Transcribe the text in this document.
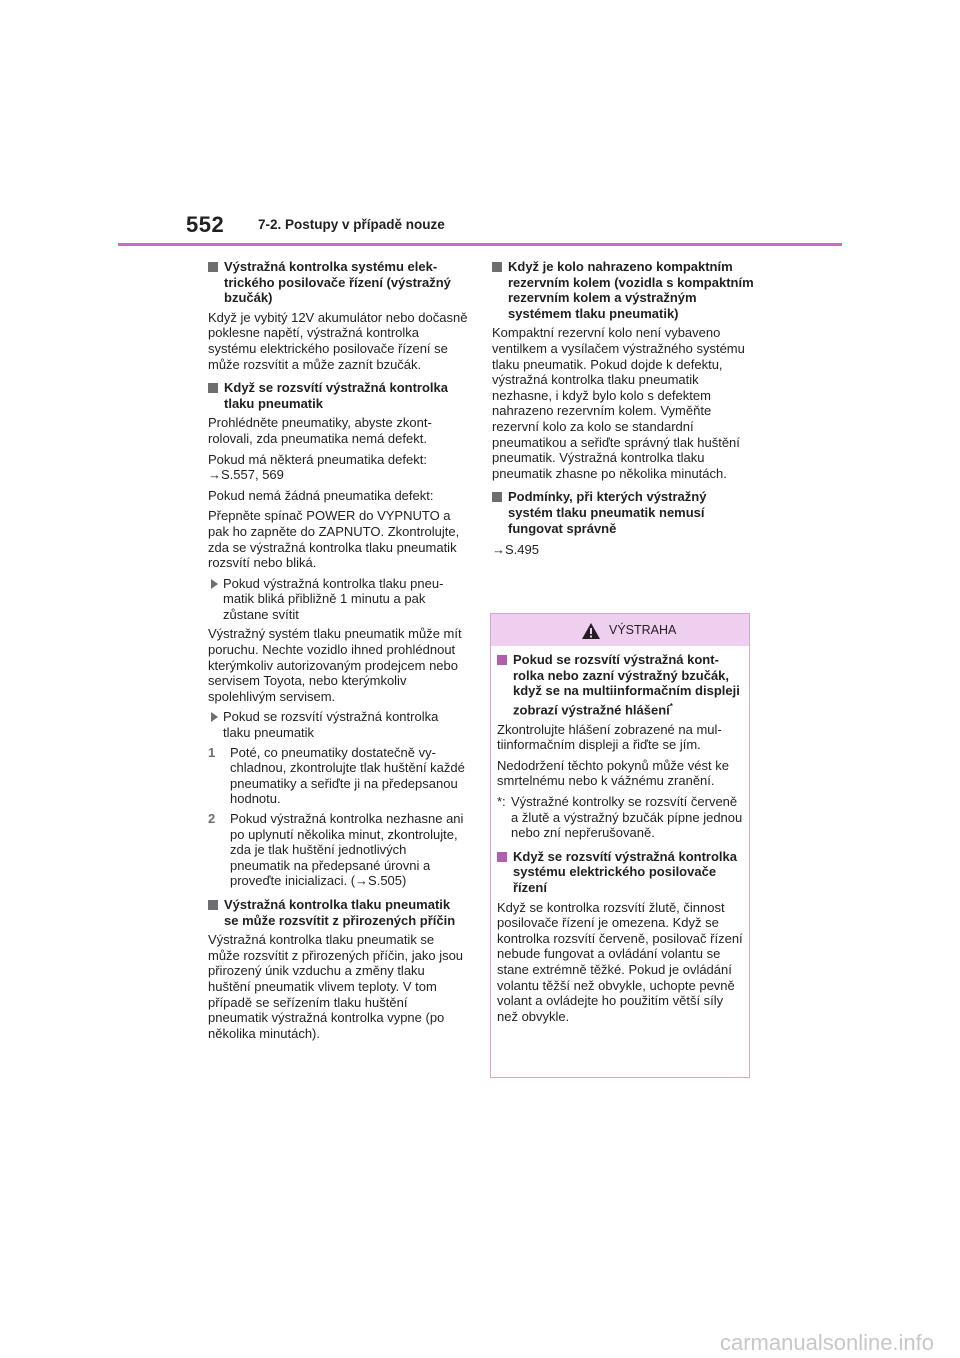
552	7-2. Postupy v případě nouze
Výstražná kontrolka systému elektrického posilovače řízení (výstražný bzučák)
Když je vybitý 12V akumulátor nebo dočasně poklesne napětí, výstražná kontrolka systému elektrického posilovače řízení se může rozsvítit a může zaznít bzučák.
Když se rozsvítí výstražná kontrolka tlaku pneumatik
Prohlédněte pneumatiky, abyste zkontrolovali, zda pneumatika nemá defekt.
Pokud má některá pneumatika defekt:
→S.557, 569
Pokud nemá žádná pneumatika defekt:
Přepněte spínač POWER do VYPNUTO a pak ho zapněte do ZAPNUTO. Zkontrolujte, zda se výstražná kontrolka tlaku pneumatik rozsvítí nebo bliká.
Pokud výstražná kontrolka tlaku pneumatik bliká přibližně 1 minutu a pak zůstane svítit
Výstražný systém tlaku pneumatik může mít poruchu. Nechte vozidlo ihned prohlédnout kterýmkoliv autorizovaným prodejcem nebo servisem Toyota, nebo kterýmkoliv spolehlivým servisem.
Pokud se rozsvítí výstražná kontrolka tlaku pneumatik
1 Poté, co pneumatiky dostatečně vychladnou, zkontrolujte tlak huštění každé pneumatiky a seřiďte ji na předepsanou hodnotu.
2 Pokud výstražná kontrolka nezhasne ani po uplynutí několika minut, zkontrolujte, zda je tlak huštění jednotlivých pneumatik na předepsané úrovni a proveďte inicializaci. (→S.505)
Výstražná kontrolka tlaku pneumatik se může rozsvítit z přirozených příčin
Výstražná kontrolka tlaku pneumatik se může rozsvítit z přirozených příčin, jako jsou přirozený únik vzduchu a změny tlaku huštění pneumatik vlivem teploty. V tom případě se seřízením tlaku huštění pneumatik výstražná kontrolka vypne (po několika minutách).
Když je kolo nahrazeno kompaktním rezervním kolem (vozidla s kompaktním rezervním kolem a výstražným systémem tlaku pneumatik)
Kompaktní rezervní kolo není vybaveno ventilkem a vysílačem výstražného systému tlaku pneumatik. Pokud dojde k defektu, výstražná kontrolka tlaku pneumatik nezhasne, i když bylo kolo s defektem nahrazeno rezervním kolem. Vyměňte rezervní kolo za kolo se standardní pneumatikou a seřiďte správný tlak huštění pneumatik. Výstražná kontrolka tlaku pneumatik zhasne po několika minutách.
Podmínky, při kterých výstražný systém tlaku pneumatik nemusí fungovat správně
→S.495
VÝSTRAHA
Pokud se rozsvítí výstražná kontrolka nebo zazní výstražný bzučák, když se na multiinformačním displeji zobrazí výstražné hlášení*
Zkontrolujte hlášení zobrazené na multiinformačním displeji a řiďte se jím.
Nedodržení těchto pokynů může vést ke smrtelnému nebo k vážnému zranění.
*: Výstražné kontrolky se rozsvítí červeně a žlutě a výstražný bzučák pípne jednou nebo zní nepřerušovaně.
Když se rozsvítí výstražná kontrolka systému elektrického posilovače řízení
Když se kontrolka rozsvítí žlutě, činnost posilovače řízení je omezena. Když se kontrolka rozsvítí červeně, posilovač řízení nebude fungovat a ovládání volantu se stane extrémně těžké. Pokud je ovládání volantu těžší než obvykle, uchopte pevně volant a ovládejte ho použitím větší síly než obvykle.
carmanualsonline.info
